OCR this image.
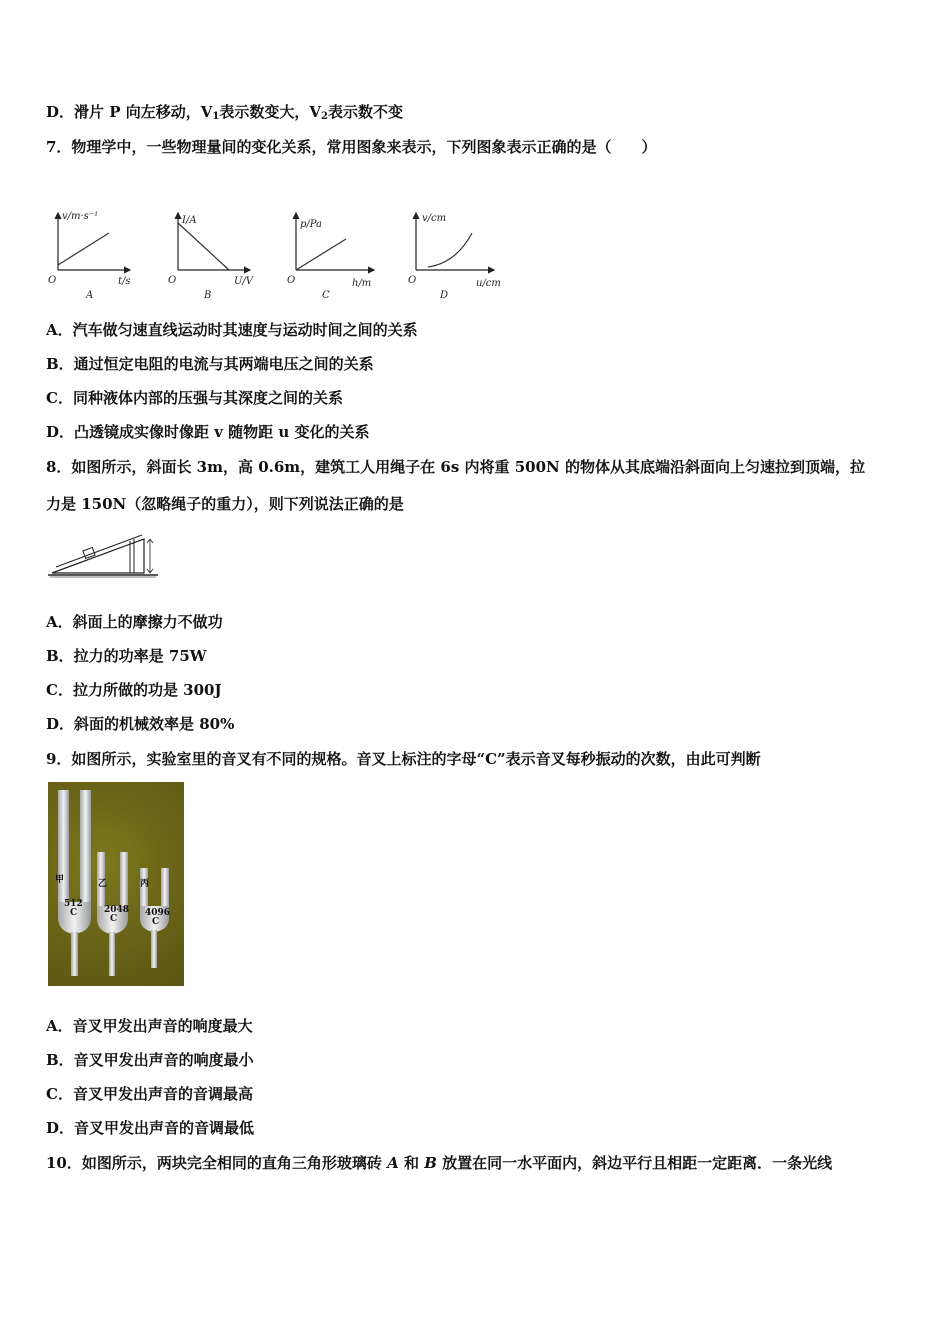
D．滑片 P 向左移动，$V_1$表示数变大，$V_2$表示数不变
7．物理学中，一些物理量间的变化关系，常用图象来表示，下列图象表示正确的是（　　）
v/m·s⁻¹
t/s
O
A
I/A
U/V
O
B
p/Pa
h/m
O
C
v/cm
u/cm
O
D
A．汽车做匀速直线运动时其速度与运动时间之间的关系
B．通过恒定电阻的电流与其两端电压之间的关系
C．同种液体内部的压强与其深度之间的关系
D．凸透镜成实像时像距 v 随物距 u 变化的关系
8．如图所示，斜面长 3m，高 0.6m，建筑工人用绳子在 6s 内将重 500N 的物体从其底端沿斜面向上匀速拉到顶端，拉
力是 150N（忽略绳子的重力），则下列说法正确的是
A．斜面上的摩擦力不做功
B．拉力的功率是 75W
C．拉力所做的功是 300J
D．斜面的机械效率是 80%
9．如图所示，实验室里的音叉有不同的规格。音叉上标注的字母“C”表示音叉每秒振动的次数，由此可判断
甲
512
C
乙
2048
C
丙
4096
C
A．音叉甲发出声音的响度最大
B．音叉甲发出声音的响度最小
C．音叉甲发出声音的音调最高
D．音叉甲发出声音的音调最低
10．如图所示，两块完全相同的直角三角形玻璃砖 A 和 B 放置在同一水平面内，斜边平行且相距一定距离．一条光线
